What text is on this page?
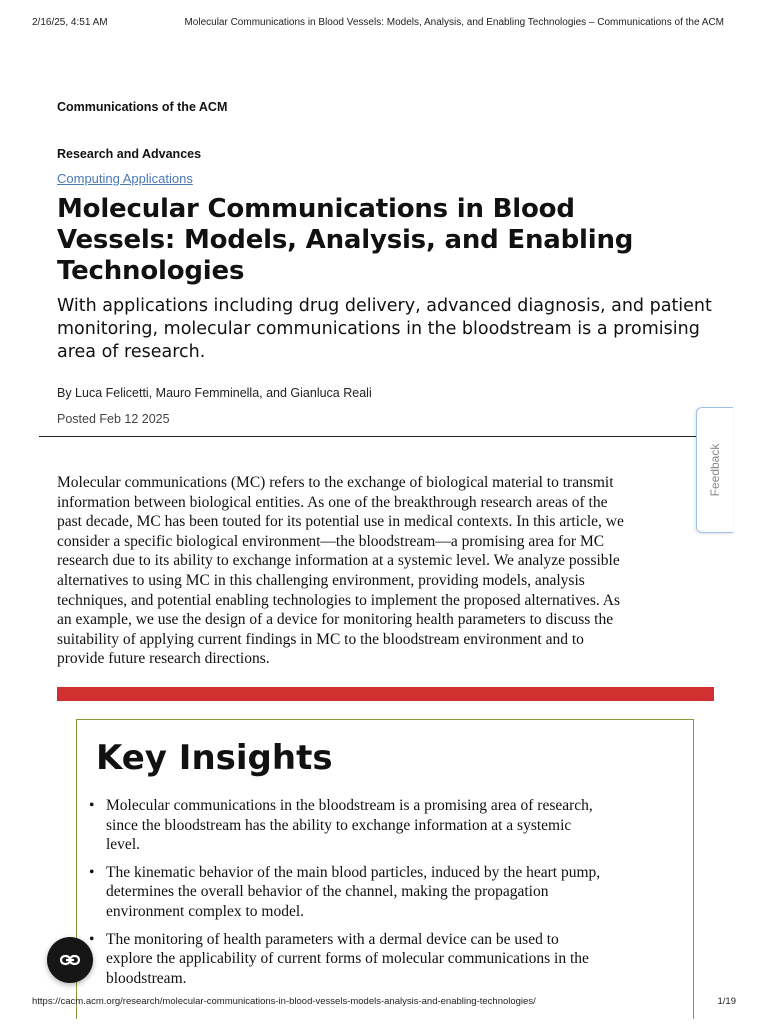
2/16/25, 4:51 AM	Molecular Communications in Blood Vessels: Models, Analysis, and Enabling Technologies – Communications of the ACM
Communications of the ACM
Research and Advances
Computing Applications
Molecular Communications in Blood Vessels: Models, Analysis, and Enabling Technologies

With applications including drug delivery, advanced diagnosis, and patient monitoring, molecular communications in the bloodstream is a promising area of research.

By Luca Felicetti, Mauro Femminella, and Gianluca Reali
Posted Feb 12 2025
Feedback

Molecular communications (MC) refers to the exchange of biological material to transmit
information between biological entities. As one of the breakthrough research areas of the
past decade, MC has been touted for its potential use in medical contexts. In this article, we
consider a specific biological environment—the bloodstream—a promising area for MC
research due to its ability to exchange information at a systemic level. We analyze possible
alternatives to using MC in this challenging environment, providing models, analysis
techniques, and potential enabling technologies to implement the proposed alternatives. As
an example, we use the design of a device for monitoring health parameters to discuss the
suitability of applying current findings in MC to the bloodstream environment and to
provide future research directions.

Key Insights
• Molecular communications in the bloodstream is a promising area of research,
since the bloodstream has the ability to exchange information at a systemic
level.
• The kinematic behavior of the main blood particles, induced by the heart pump,
determines the overall behavior of the channel, making the propagation
environment complex to model.
• The monitoring of health parameters with a dermal device can be used to
explore the applicability of current forms of molecular communications in the
bloodstream.
https://cacm.acm.org/research/molecular-communications-in-blood-vessels-models-analysis-and-enabling-technologies/	1/19
